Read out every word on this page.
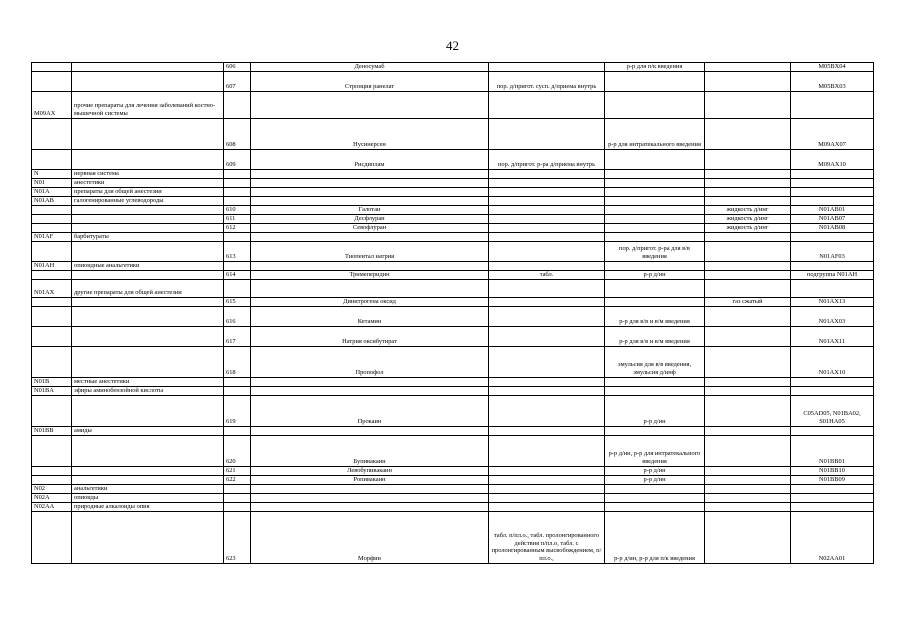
42
		606	Деносумаб		р-р для п/к введения		M05BX04
		607	Стронция ранелат	пор. д/пригот. сусп. д/приема внутрь			M05BX03
M09AX	прочие препараты для лечения заболеваний костно-мышечной системы						
		608	Нусинерсен		р-р для интратекального введения		M09AX07
		609	Рисдиплам	пор. д/пригот. р-ра д/приема внутрь			M09AX10
N	нервная система						
N01	анестетики						
N01A	препараты для общей анестезии						
N01AB	галогенированные углеводороды						
		610	Галотан			жидкость д/инг	N01AB01
		611	Десфлуран			жидкость д/инг	N01AB07
		612	Севофлуран			жидкость д/инг	N01AB08
N01AF	барбитураты						
		613	Тиопентал натрия		пор. д/пригот. р-ра для в/в введения		N01AF03
N01AH	опиоидные анальгетики						
		614	Тримеперидин	табл.	р-р д/ин		подгруппа N01AH
N01AX	другие препараты для общей анестезии						
		615	Динитрогена оксид			газ сжатый	N01AX13
		616	Кетамин		р-р для в/в и в/м введения		N01AX03
		617	Натрия оксибутират		р-р для в/в и в/м введения		N01AX11
		618	Пропофол		эмульсия для в/в введения, эмульсия д/инф		N01AX10
N01B	местные анестетики						
N01BA	эфиры аминобензойной кислоты						
		619	Прокаин		р-р д/ин		C05AD05, N01BA02, S01HA05
N01BB	амиды						
		620	Бупивакаин		р-р д/ин, р-р для интратекального введения		N01BB01
		621	Левобупивакаин		р-р д/ин		N01BB10
		622	Ропивакаин		р-р д/ин		N01BB09
N02	анальгетики						
N02A	опиоиды						
N02AA	природные алкалоиды опия						
		623	Морфин	табл. п/пл.о., табл. пролонгированного действия п/пл.о, табл. с пролонгированным высвобождением, п/пл.о.,	р-р д/ин, р-р для п/к введения		N02AA01
